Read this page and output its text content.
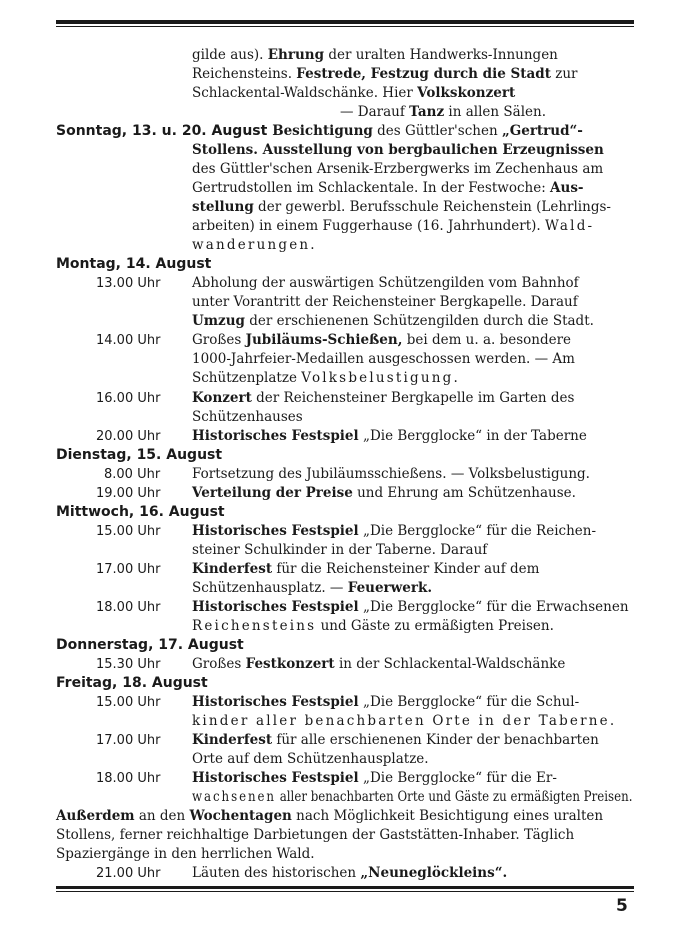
gilde aus). Ehrung der uralten Handwerks-Innungen
Reichensteins. Festrede, Festzug durch die Stadt zur
Schlackental-Waldschänke. Hier Volkskonzert
— Darauf Tanz in allen Sälen.
Sonntag, 13. u. 20. August Besichtigung des Güttler'schen „Gertrud“-
Stollens. Ausstellung von bergbaulichen Erzeugnissen
des Güttler'schen Arsenik-Erzbergwerks im Zechenhaus am
Gertrudstollen im Schlackentale. In der Festwoche: Aus-
stellung der gewerbl. Berufsschule Reichenstein (Lehrlings-
arbeiten) in einem Fuggerhause (16. Jahrhundert). Wald-
wanderungen.
Montag, 14. August
13.00 Uhr Abholung der auswärtigen Schützengilden vom Bahnhof
unter Vorantritt der Reichensteiner Bergkapelle. Darauf
Umzug der erschienenen Schützengilden durch die Stadt.
14.00 Uhr Großes Jubiläums-Schießen, bei dem u. a. besondere
1000-Jahrfeier-Medaillen ausgeschossen werden. — Am
Schützenplatze Volksbelustigung.
16.00 Uhr Konzert der Reichensteiner Bergkapelle im Garten des
Schützenhauses
20.00 Uhr Historisches Festspiel „Die Bergglocke“ in der Taberne
Dienstag, 15. August
8.00 Uhr Fortsetzung des Jubiläumsschießens. — Volksbelustigung.
19.00 Uhr Verteilung der Preise und Ehrung am Schützenhause.
Mittwoch, 16. August
15.00 Uhr Historisches Festspiel „Die Bergglocke“ für die Reichen-
steiner Schulkinder in der Taberne. Darauf
17.00 Uhr Kinderfest für die Reichensteiner Kinder auf dem
Schützenhausplatz. — Feuerwerk.
18.00 Uhr Historisches Festspiel „Die Bergglocke“ für die Erwachsenen
Reichensteins und Gäste zu ermäßigten Preisen.
Donnerstag, 17. August
15.30 Uhr Großes Festkonzert in der Schlackental-Waldschänke
Freitag, 18. August
15.00 Uhr Historisches Festspiel „Die Bergglocke“ für die Schul-
kinder aller benachbarten Orte in der Taberne.
17.00 Uhr Kinderfest für alle erschienenen Kinder der benachbarten
Orte auf dem Schützenhausplatze.
18.00 Uhr Historisches Festspiel „Die Bergglocke“ für die Er-
wachsenen aller benachbarten Orte und Gäste zu ermäßigten Preisen.
Außerdem an den Wochentagen nach Möglichkeit Besichtigung eines uralten
Stollens, ferner reichhaltige Darbietungen der Gaststätten-Inhaber. Täglich
Spaziergänge in den herrlichen Wald.
21.00 Uhr Läuten des historischen „Neuneglöckleins“.
5
